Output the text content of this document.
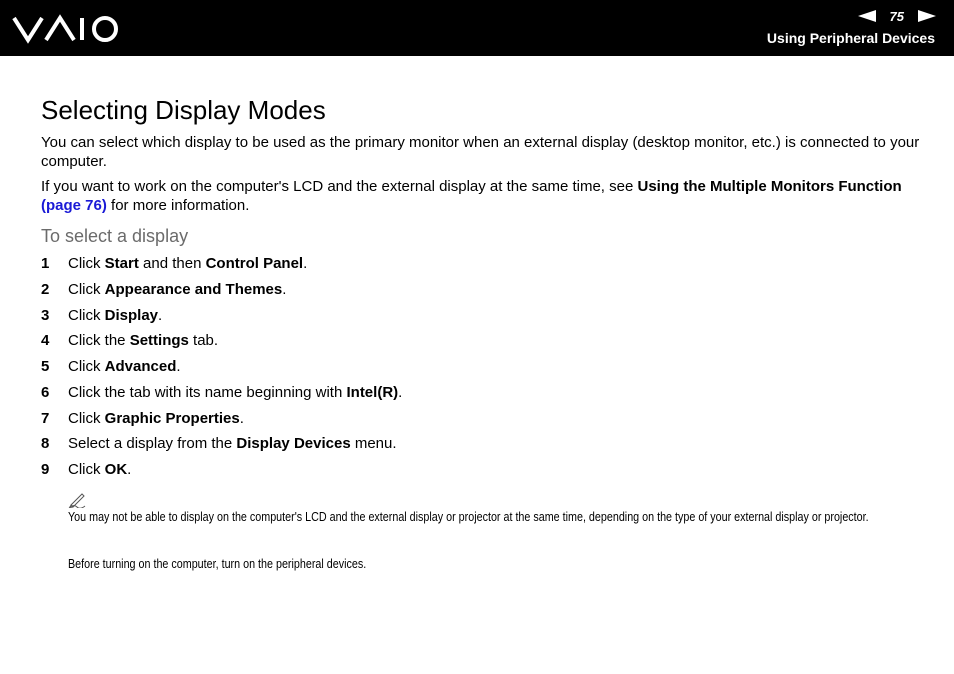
75
Using Peripheral Devices
Selecting Display Modes

You can select which display to be used as the primary monitor when an external display (desktop monitor, etc.) is connected to your computer.

If you want to work on the computer's LCD and the external display at the same time, see Using the Multiple Monitors Function (page 76) for more information.

To select a display
1 Click Start and then Control Panel.
2 Click Appearance and Themes.
3 Click Display.
4 Click the Settings tab.
5 Click Advanced.
6 Click the tab with its name beginning with Intel(R).
7 Click Graphic Properties.
8 Select a display from the Display Devices menu.
9 Click OK.

You may not be able to display on the computer's LCD and the external display or projector at the same time, depending on the type of your external display or projector.

Before turning on the computer, turn on the peripheral devices.
